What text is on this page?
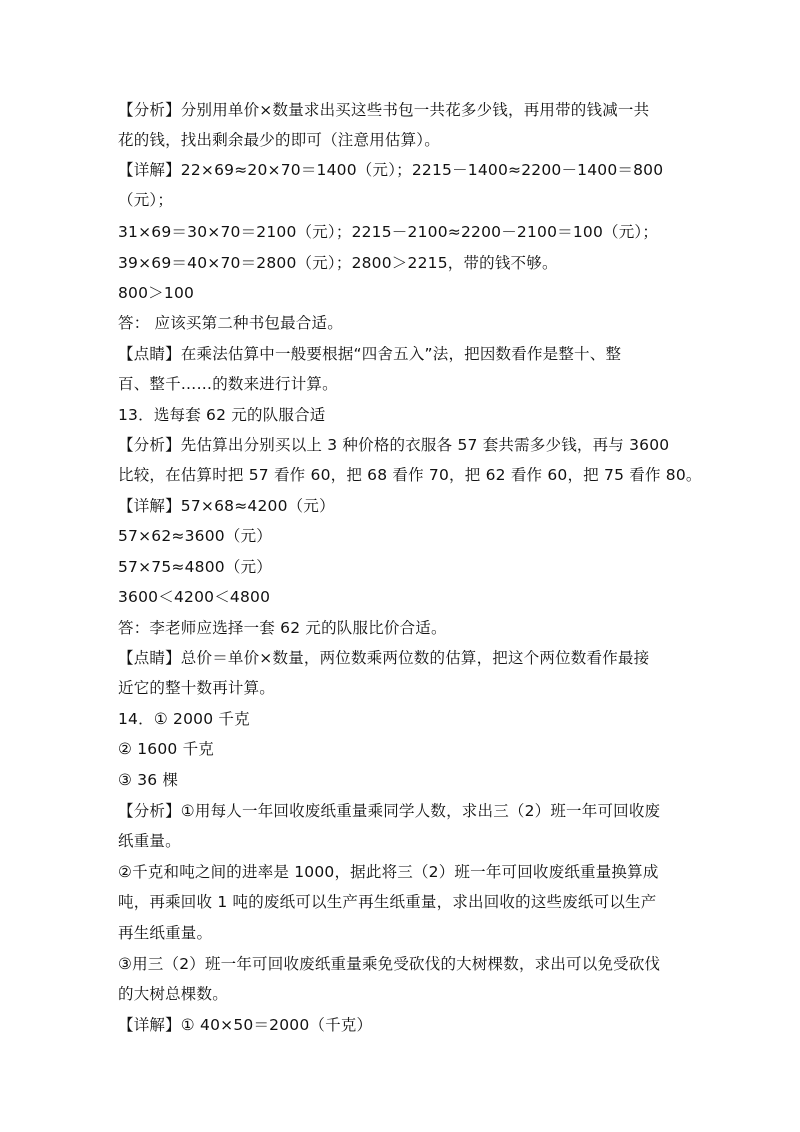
【分析】分别用单价×数量求出买这些书包一共花多少钱，再用带的钱减一共
花的钱，找出剩余最少的即可（注意用估算）。
【详解】22×69≈20×70＝1400（元）；2215－1400≈2200－1400＝800
（元）；
31×69＝30×70＝2100（元）；2215－2100≈2200－2100＝100（元）；
39×69＝40×70＝2800（元）；2800＞2215，带的钱不够。
800＞100
答： 应该买第二种书包最合适。
【点睛】在乘法估算中一般要根据“四舍五入”法，把因数看作是整十、整
百、整千……的数来进行计算。
13．选每套 62 元的队服合适
【分析】先估算出分别买以上 3 种价格的衣服各 57 套共需多少钱，再与 3600
比较，在估算时把 57 看作 60，把 68 看作 70，把 62 看作 60，把 75 看作 80。
【详解】57×68≈4200（元）
57×62≈3600（元）
57×75≈4800（元）
3600＜4200＜4800
答：李老师应选择一套 62 元的队服比价合适。
【点睛】总价＝单价×数量，两位数乘两位数的估算，把这个两位数看作最接
近它的整十数再计算。
14．① 2000 千克
② 1600 千克
③ 36 棵
【分析】①用每人一年回收废纸重量乘同学人数，求出三（2）班一年可回收废
纸重量。
②千克和吨之间的进率是 1000，据此将三（2）班一年可回收废纸重量换算成
吨，再乘回收 1 吨的废纸可以生产再生纸重量，求出回收的这些废纸可以生产
再生纸重量。
③用三（2）班一年可回收废纸重量乘免受砍伐的大树棵数，求出可以免受砍伐
的大树总棵数。
【详解】① 40×50＝2000（千克）
